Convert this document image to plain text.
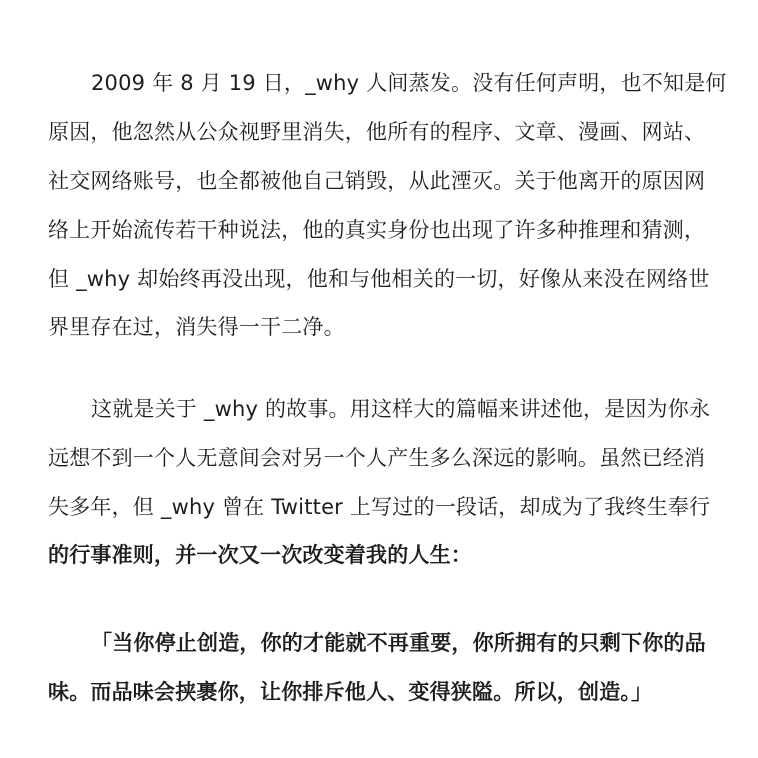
2009 年 8 月 19 日，_why 人间蒸发。没有任何声明，也不知是何
原因，他忽然从公众视野里消失，他所有的程序、文章、漫画、网站、
社交网络账号，也全都被他自己销毁，从此湮灭。关于他离开的原因网
络上开始流传若干种说法，他的真实身份也出现了许多种推理和猜测，
但 _why 却始终再没出现，他和与他相关的一切，好像从来没在网络世
界里存在过，消失得一干二净。
这就是关于 _why 的故事。用这样大的篇幅来讲述他，是因为你永
远想不到一个人无意间会对另一个人产生多么深远的影响。虽然已经消
失多年，但 _why 曾在 Twitter 上写过的一段话，却成为了我终生奉行
的行事准则，并一次又一次改变着我的人生：
「当你停止创造，你的才能就不再重要，你所拥有的只剩下你的品
味。而品味会挟裹你，让你排斥他人、变得狭隘。所以，创造。」
